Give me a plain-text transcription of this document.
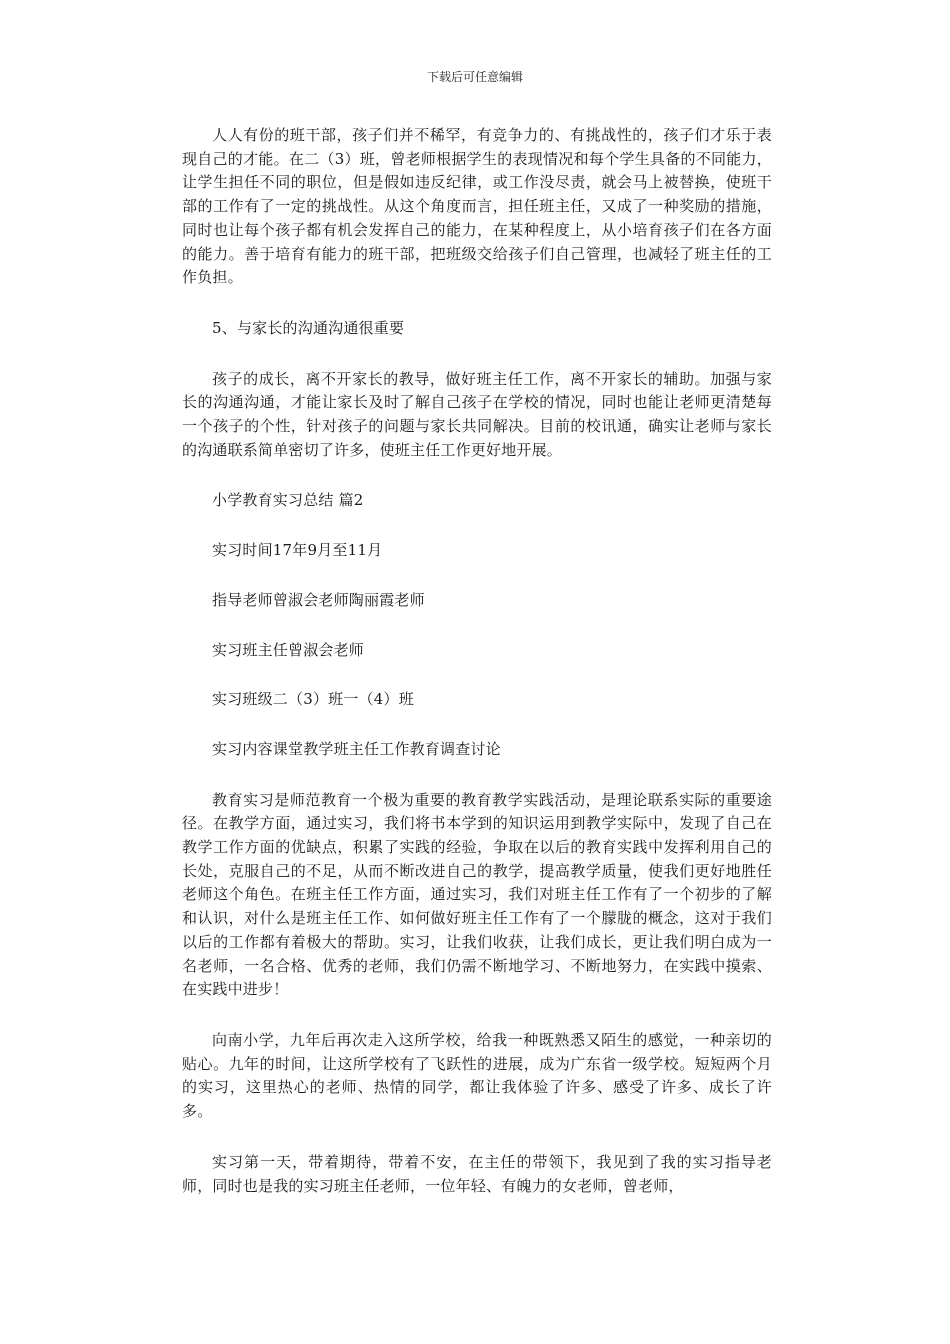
下载后可任意编辑

人人有份的班干部，孩子们并不稀罕，有竞争力的、有挑战性的，孩子们才乐于表现自己的才能。在二（3）班，曾老师根据学生的表现情况和每个学生具备的不同能力，让学生担任不同的职位，但是假如违反纪律，或工作没尽责，就会马上被替换，使班干部的工作有了一定的挑战性。从这个角度而言，担任班主任，又成了一种奖励的措施，同时也让每个孩子都有机会发挥自己的能力，在某种程度上，从小培育孩子们在各方面的能力。善于培育有能力的班干部，把班级交给孩子们自己管理，也减轻了班主任的工作负担。

5、与家长的沟通沟通很重要

孩子的成长，离不开家长的教导，做好班主任工作，离不开家长的辅助。加强与家长的沟通沟通，才能让家长及时了解自己孩子在学校的情况，同时也能让老师更清楚每一个孩子的个性，针对孩子的问题与家长共同解决。目前的校讯通，确实让老师与家长的沟通联系简单密切了许多，使班主任工作更好地开展。

小学教育实习总结 篇2

实习时间17年9月至11月

指导老师曾淑会老师陶丽霞老师

实习班主任曾淑会老师

实习班级二（3）班一（4）班

实习内容课堂教学班主任工作教育调查讨论

教育实习是师范教育一个极为重要的教育教学实践活动，是理论联系实际的重要途径。在教学方面，通过实习，我们将书本学到的知识运用到教学实际中，发现了自己在教学工作方面的优缺点，积累了实践的经验，争取在以后的教育实践中发挥利用自己的长处，克服自己的不足，从而不断改进自己的教学，提高教学质量，使我们更好地胜任老师这个角色。在班主任工作方面，通过实习，我们对班主任工作有了一个初步的了解和认识，对什么是班主任工作、如何做好班主任工作有了一个朦胧的概念，这对于我们以后的工作都有着极大的帮助。实习，让我们收获，让我们成长，更让我们明白成为一名老师，一名合格、优秀的老师，我们仍需不断地学习、不断地努力，在实践中摸索、在实践中进步！

向南小学，九年后再次走入这所学校，给我一种既熟悉又陌生的感觉，一种亲切的贴心。九年的时间，让这所学校有了飞跃性的进展，成为广东省一级学校。短短两个月的实习，这里热心的老师、热情的同学，都让我体验了许多、感受了许多、成长了许多。

实习第一天，带着期待，带着不安，在主任的带领下，我见到了我的实习指导老师，同时也是我的实习班主任老师，一位年轻、有魄力的女老师，曾老师，
